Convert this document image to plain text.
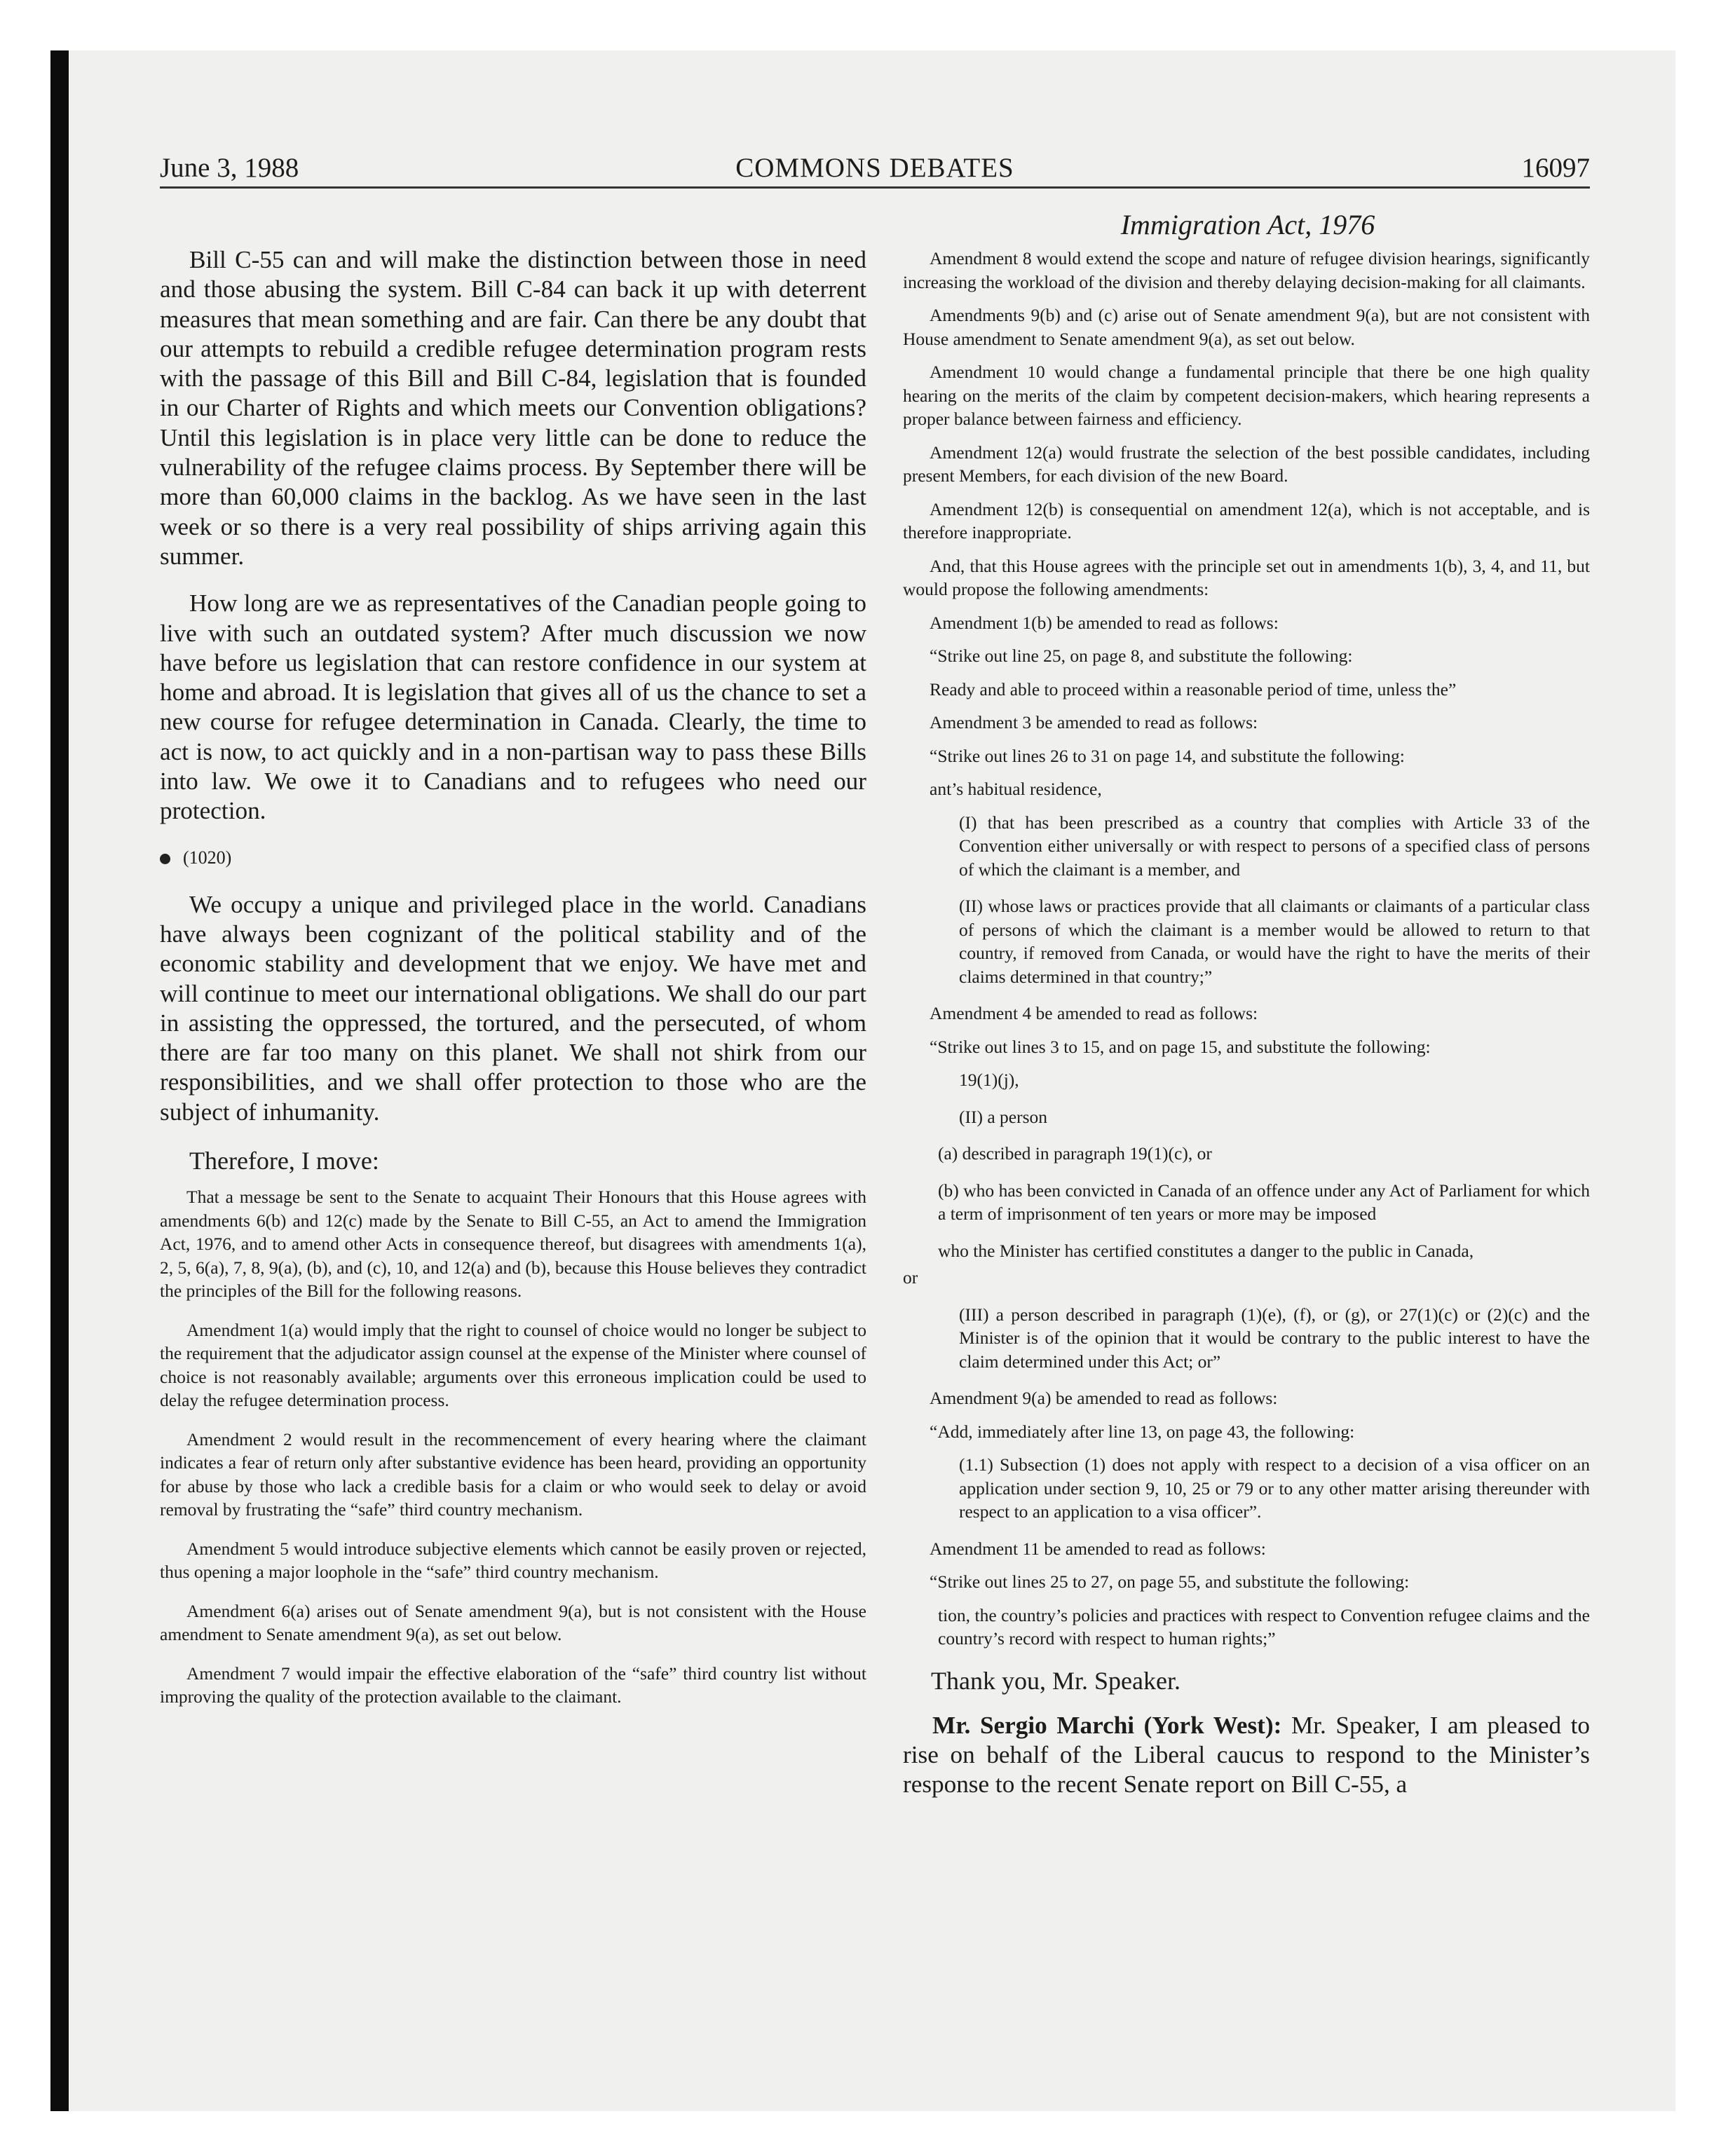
COMMONS DEBATES
June 3, 1988	16097
Immigration Act, 1976

Bill C-55 can and will make the distinction between those in need and those abusing the system. Bill C-84 can back it up with deterrent measures that mean something and are fair. Can there be any doubt that our attempts to rebuild a credible refugee determination program rests with the passage of this Bill and Bill C-84, legislation that is founded in our Charter of Rights and which meets our Convention obligations? Until this legislation is in place very little can be done to reduce the vulnerability of the refugee claims process. By September there will be more than 60,000 claims in the backlog. As we have seen in the last week or so there is a very real possibility of ships arriving again this summer.

How long are we as representatives of the Canadian people going to live with such an outdated system? After much discussion we now have before us legislation that can restore confidence in our system at home and abroad. It is legislation that gives all of us the chance to set a new course for refugee determination in Canada. Clearly, the time to act is now, to act quickly and in a non-partisan way to pass these Bills into law. We owe it to Canadians and to refugees who need our protection.

(1020)

We occupy a unique and privileged place in the world. Canadians have always been cognizant of the political stability and of the economic stability and development that we enjoy. We have met and will continue to meet our international obligations. We shall do our part in assisting the oppressed, the tortured, and the persecuted, of whom there are far too many on this planet. We shall not shirk from our responsibilities, and we shall offer protection to those who are the subject of inhumanity.

Therefore, I move:

That a message be sent to the Senate to acquaint Their Honours that this House agrees with amendments 6(b) and 12(c) made by the Senate to Bill C-55, an Act to amend the Immigration Act, 1976, and to amend other Acts in consequence thereof, but disagrees with amendments 1(a), 2, 5, 6(a), 7, 8, 9(a), (b), and (c), 10, and 12(a) and (b), because this House believes they contradict the principles of the Bill for the following reasons.

Amendment 1(a) would imply that the right to counsel of choice would no longer be subject to the requirement that the adjudicator assign counsel at the expense of the Minister where counsel of choice is not reasonably available; arguments over this erroneous implication could be used to delay the refugee determination process.

Amendment 2 would result in the recommencement of every hearing where the claimant indicates a fear of return only after substantive evidence has been heard, providing an opportunity for abuse by those who lack a credible basis for a claim or who would seek to delay or avoid removal by frustrating the “safe” third country mechanism.

Amendment 5 would introduce subjective elements which cannot be easily proven or rejected, thus opening a major loophole in the “safe” third country mechanism.

Amendment 6(a) arises out of Senate amendment 9(a), but is not consistent with the House amendment to Senate amendment 9(a), as set out below.

Amendment 7 would impair the effective elaboration of the “safe” third country list without improving the quality of the protection available to the claimant.

Amendment 8 would extend the scope and nature of refugee division hearings, significantly increasing the workload of the division and thereby delaying decision-making for all claimants.

Amendments 9(b) and (c) arise out of Senate amendment 9(a), but are not consistent with House amendment to Senate amendment 9(a), as set out below.

Amendment 10 would change a fundamental principle that there be one high quality hearing on the merits of the claim by competent decision-makers, which hearing represents a proper balance between fairness and efficiency.

Amendment 12(a) would frustrate the selection of the best possible candidates, including present Members, for each division of the new Board.

Amendment 12(b) is consequential on amendment 12(a), which is not acceptable, and is therefore inappropriate.

And, that this House agrees with the principle set out in amendments 1(b), 3, 4, and 11, but would propose the following amendments:

Amendment 1(b) be amended to read as follows:

“Strike out line 25, on page 8, and substitute the following:

Ready and able to proceed within a reasonable period of time, unless the”

Amendment 3 be amended to read as follows:

“Strike out lines 26 to 31 on page 14, and substitute the following:

ant’s habitual residence,

(I) that has been prescribed as a country that complies with Article 33 of the Convention either universally or with respect to persons of a specified class of persons of which the claimant is a member, and

(II) whose laws or practices provide that all claimants or claimants of a particular class of persons of which the claimant is a member would be allowed to return to that country, if removed from Canada, or would have the right to have the merits of their claims determined in that country;”

Amendment 4 be amended to read as follows:

“Strike out lines 3 to 15, and on page 15, and substitute the following:

19(1)(j),

(II) a person

(a) described in paragraph 19(1)(c), or

(b) who has been convicted in Canada of an offence under any Act of Parliament for which a term of imprisonment of ten years or more may be imposed

who the Minister has certified constitutes a danger to the public in Canada,

or

(III) a person described in paragraph (1)(e), (f), or (g), or 27(1)(c) or (2)(c) and the Minister is of the opinion that it would be contrary to the public interest to have the claim determined under this Act; or”

Amendment 9(a) be amended to read as follows:

“Add, immediately after line 13, on page 43, the following:

(1.1) Subsection (1) does not apply with respect to a decision of a visa officer on an application under section 9, 10, 25 or 79 or to any other matter arising thereunder with respect to an application to a visa officer”.

Amendment 11 be amended to read as follows:

“Strike out lines 25 to 27, on page 55, and substitute the following:

tion, the country’s policies and practices with respect to Convention refugee claims and the country’s record with respect to human rights;”

Thank you, Mr. Speaker.

Mr. Sergio Marchi (York West): Mr. Speaker, I am pleased to rise on behalf of the Liberal caucus to respond to the Minister’s response to the recent Senate report on Bill C-55, a
